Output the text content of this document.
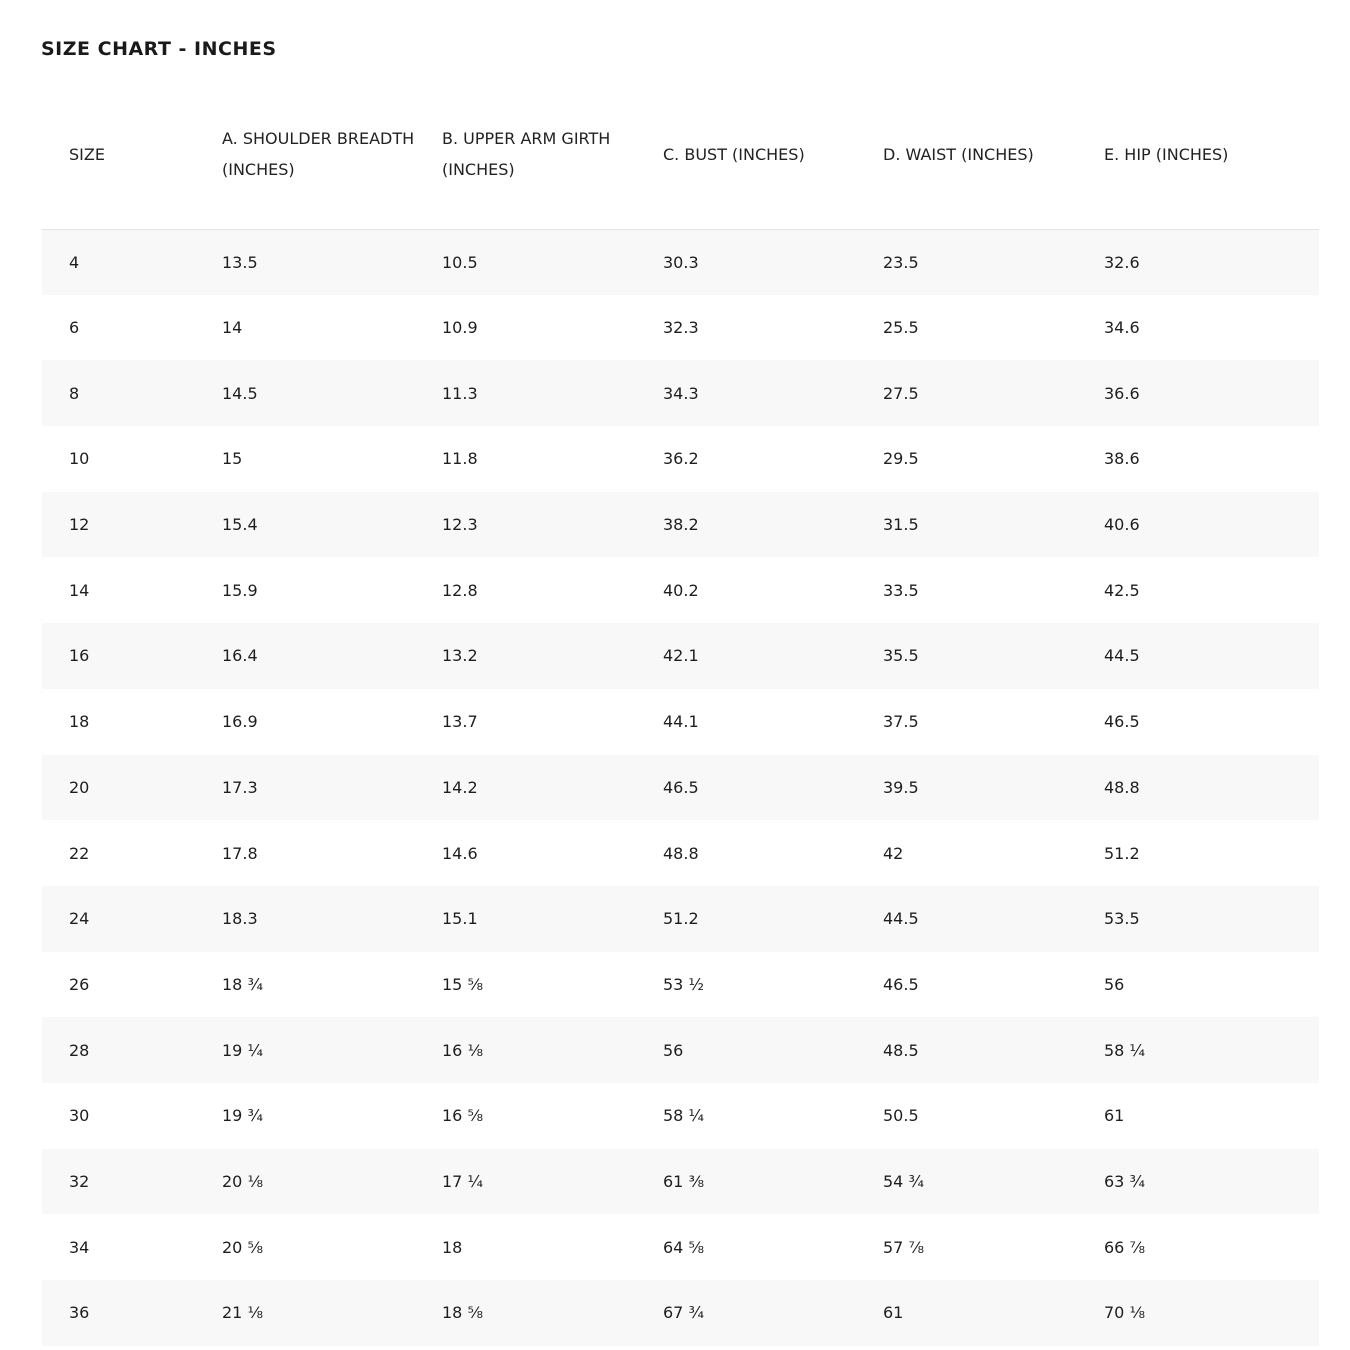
SIZE CHART - INCHES
SIZE	A. SHOULDER BREADTH (INCHES)	B. UPPER ARM GIRTH (INCHES)	C. BUST (INCHES)	D. WAIST (INCHES)	E. HIP (INCHES)
4	13.5	10.5	30.3	23.5	32.6
6	14	10.9	32.3	25.5	34.6
8	14.5	11.3	34.3	27.5	36.6
10	15	11.8	36.2	29.5	38.6
12	15.4	12.3	38.2	31.5	40.6
14	15.9	12.8	40.2	33.5	42.5
16	16.4	13.2	42.1	35.5	44.5
18	16.9	13.7	44.1	37.5	46.5
20	17.3	14.2	46.5	39.5	48.8
22	17.8	14.6	48.8	42	51.2
24	18.3	15.1	51.2	44.5	53.5
26	18 ¾	15 ⅝	53 ½	46.5	56
28	19 ¼	16 ⅛	56	48.5	58 ¼
30	19 ¾	16 ⅝	58 ¼	50.5	61
32	20 ⅛	17 ¼	61 ⅜	54 ¾	63 ¾
34	20 ⅝	18	64 ⅝	57 ⅞	66 ⅞
36	21 ⅛	18 ⅝	67 ¾	61	70 ⅛
